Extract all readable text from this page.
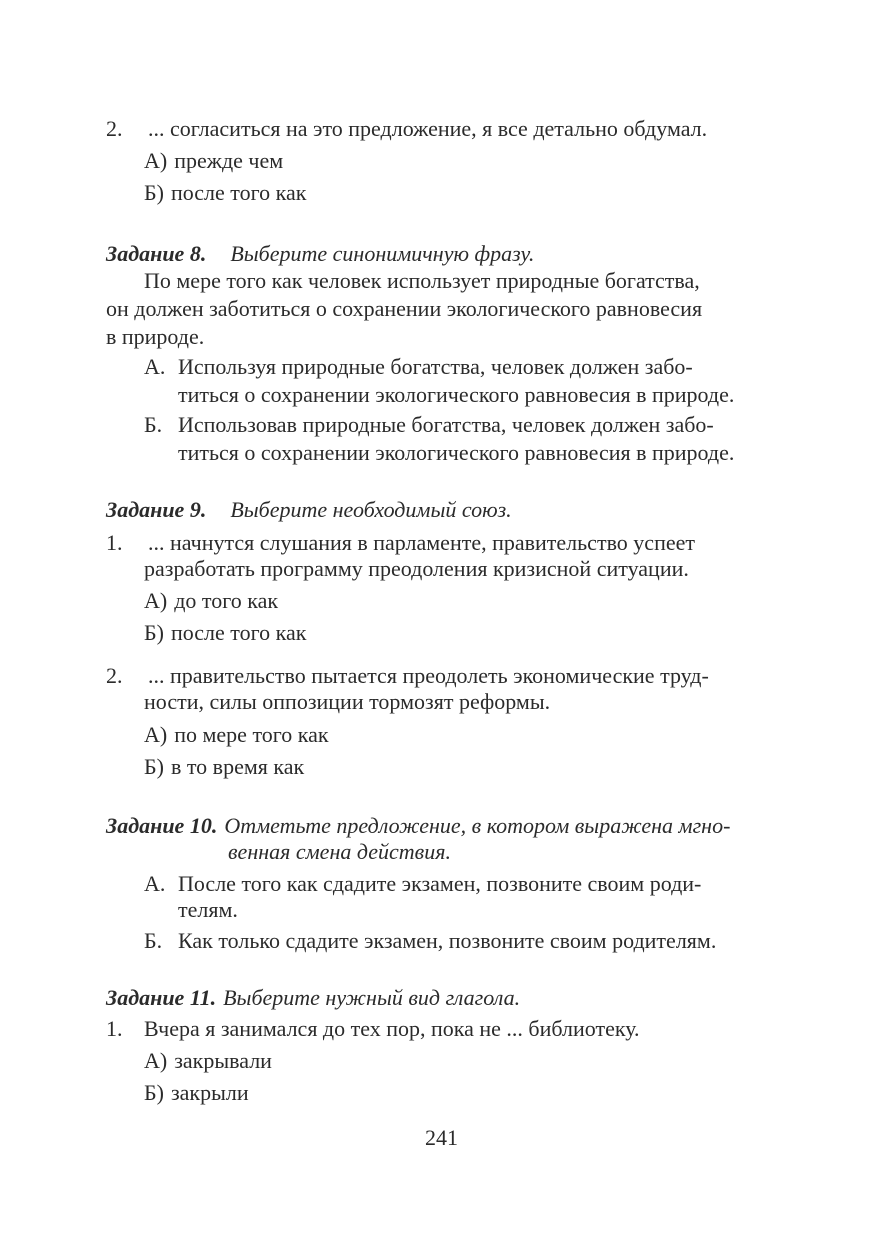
2. ... согласиться на это предложение, я все детально обдумал.
А) прежде чем
Б) после того как
Задание 8. Выберите синонимичную фразу.
По мере того как человек использует природные богатства,
он должен заботиться о сохранении экологического равновесия
в природе.
А. Используя природные богатства, человек должен забо-
титься о сохранении экологического равновесия в природе.
Б. Использовав природные богатства, человек должен забо-
титься о сохранении экологического равновесия в природе.
Задание 9. Выберите необходимый союз.
1. ... начнутся слушания в парламенте, правительство успеет
разработать программу преодоления кризисной ситуации.
А) до того как
Б) после того как
2. ... правительство пытается преодолеть экономические труд-
ности, силы оппозиции тормозят реформы.
А) по мере того как
Б) в то время как
Задание 10. Отметьте предложение, в котором выражена мгно-
венная смена действия.
А. После того как сдадите экзамен, позвоните своим роди-
телям.
Б. Как только сдадите экзамен, позвоните своим родителям.
Задание 11. Выберите нужный вид глагола.
1. Вчера я занимался до тех пор, пока не ... библиотеку.
А) закрывали
Б) закрыли
241
